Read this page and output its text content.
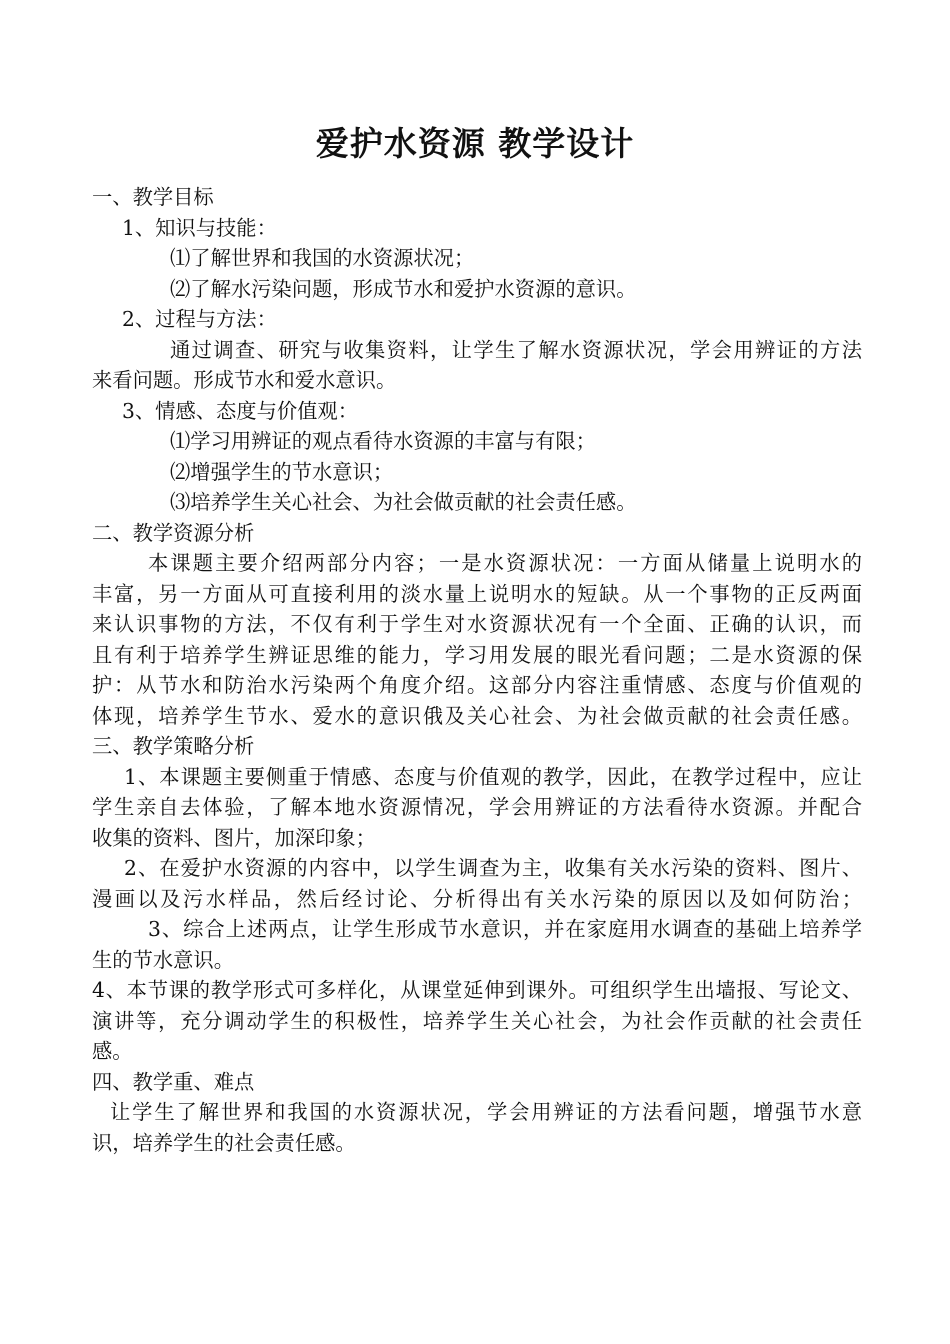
爱护水资源 教学设计
一、教学目标
1、知识与技能：
⑴了解世界和我国的水资源状况；
⑵了解水污染问题，形成节水和爱护水资源的意识。
2、过程与方法：
通过调查、研究与收集资料，让学生了解水资源状况，学会用辨证的方法
来看问题。形成节水和爱水意识。
3、情感、态度与价值观：
⑴学习用辨证的观点看待水资源的丰富与有限；
⑵增强学生的节水意识；
⑶培养学生关心社会、为社会做贡献的社会责任感。
二、教学资源分析
本课题主要介绍两部分内容；一是水资源状况：一方面从储量上说明水的
丰富，另一方面从可直接利用的淡水量上说明水的短缺。从一个事物的正反两面
来认识事物的方法，不仅有利于学生对水资源状况有一个全面、正确的认识，而
且有利于培养学生辨证思维的能力，学习用发展的眼光看问题；二是水资源的保
护：从节水和防治水污染两个角度介绍。这部分内容注重情感、态度与价值观的
体现，培养学生节水、爱水的意识俄及关心社会、为社会做贡献的社会责任感。
三、教学策略分析
1、本课题主要侧重于情感、态度与价值观的教学，因此，在教学过程中，应让
学生亲自去体验，了解本地水资源情况，学会用辨证的方法看待水资源。并配合
收集的资料、图片，加深印象；
2、在爱护水资源的内容中，以学生调查为主，收集有关水污染的资料、图片、
漫画以及污水样品，然后经讨论、分析得出有关水污染的原因以及如何防治；
3、综合上述两点，让学生形成节水意识，并在家庭用水调查的基础上培养学
生的节水意识。
4、本节课的教学形式可多样化，从课堂延伸到课外。可组织学生出墙报、写论文、
演讲等，充分调动学生的积极性，培养学生关心社会，为社会作贡献的社会责任
感。
四、教学重、难点
让学生了解世界和我国的水资源状况，学会用辨证的方法看问题，增强节水意
识，培养学生的社会责任感。
